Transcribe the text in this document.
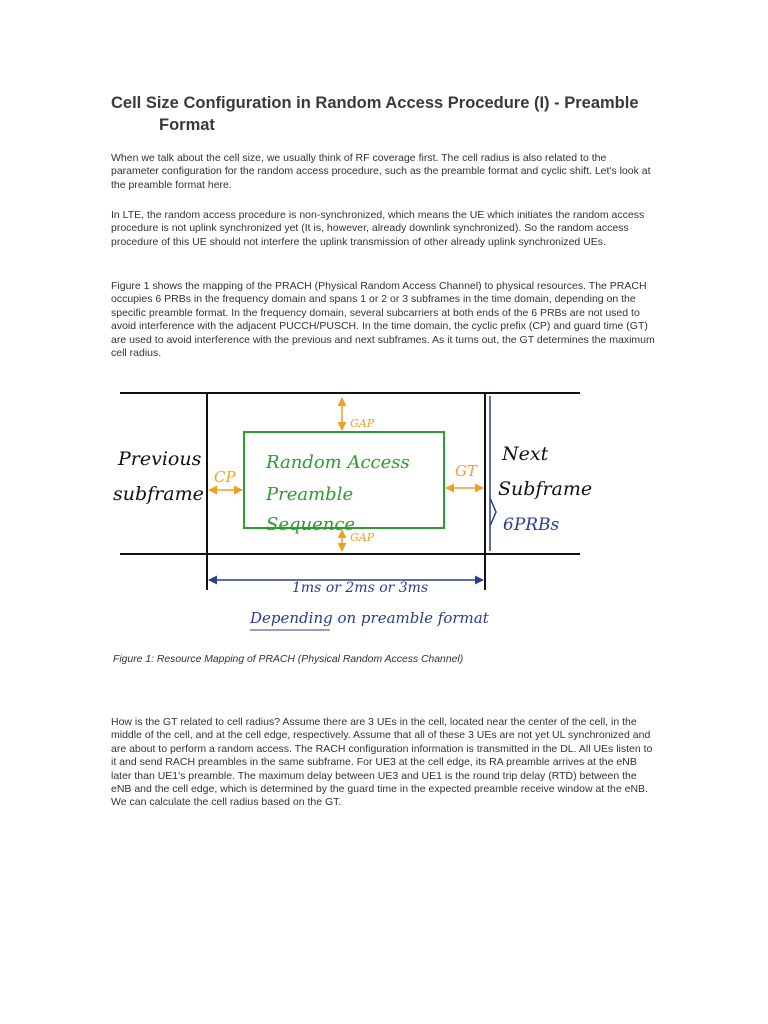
Cell Size Configuration in Random Access Procedure (I) - Preamble
Format

When we talk about the cell size, we usually think of RF coverage first. The cell radius is also related to the parameter configuration for the random access procedure, such as the preamble format and cyclic shift. Let's look at the preamble format here.

In LTE, the random access procedure is non-synchronized, which means the UE which initiates the random access procedure is not uplink synchronized yet (It is, however, already downlink synchronized). So the random access procedure of this UE should not interfere the uplink transmission of other already uplink synchronized UEs.

Figure 1 shows the mapping of the PRACH (Physical Random Access Channel) to physical resources. The PRACH occupies 6 PRBs in the frequency domain and spans 1 or 2 or 3 subframes in the time domain, depending on the specific preamble format. In the frequency domain, several subcarriers at both ends of the 6 PRBs are not used to avoid interference with the adjacent PUCCH/PUSCH. In the time domain, the cyclic prefix (CP) and guard time (GT) are used to avoid interference with the previous and next subframes. As it turns out, the GT determines the maximum cell radius.

Previous
subframe
Next
Subframe
6PRBs
CP	GT
GAP
GAP
Random Access
Preamble
Sequence
1ms or 2ms or 3ms
Depending on preamble format

Figure 1: Resource Mapping of PRACH (Physical Random Access Channel)

How is the GT related to cell radius? Assume there are 3 UEs in the cell, located near the center of the cell, in the middle of the cell, and at the cell edge, respectively. Assume that all of these 3 UEs are not yet UL synchronized and are about to perform a random access. The RACH configuration information is transmitted in the DL. All UEs listen to it and send RACH preambles in the same subframe. For UE3 at the cell edge, its RA preamble arrives at the eNB later than UE1's preamble. The maximum delay between UE3 and UE1 is the round trip delay (RTD) between the eNB and the cell edge, which is determined by the guard time in the expected preamble receive window at the eNB. We can calculate the cell radius based on the GT.
